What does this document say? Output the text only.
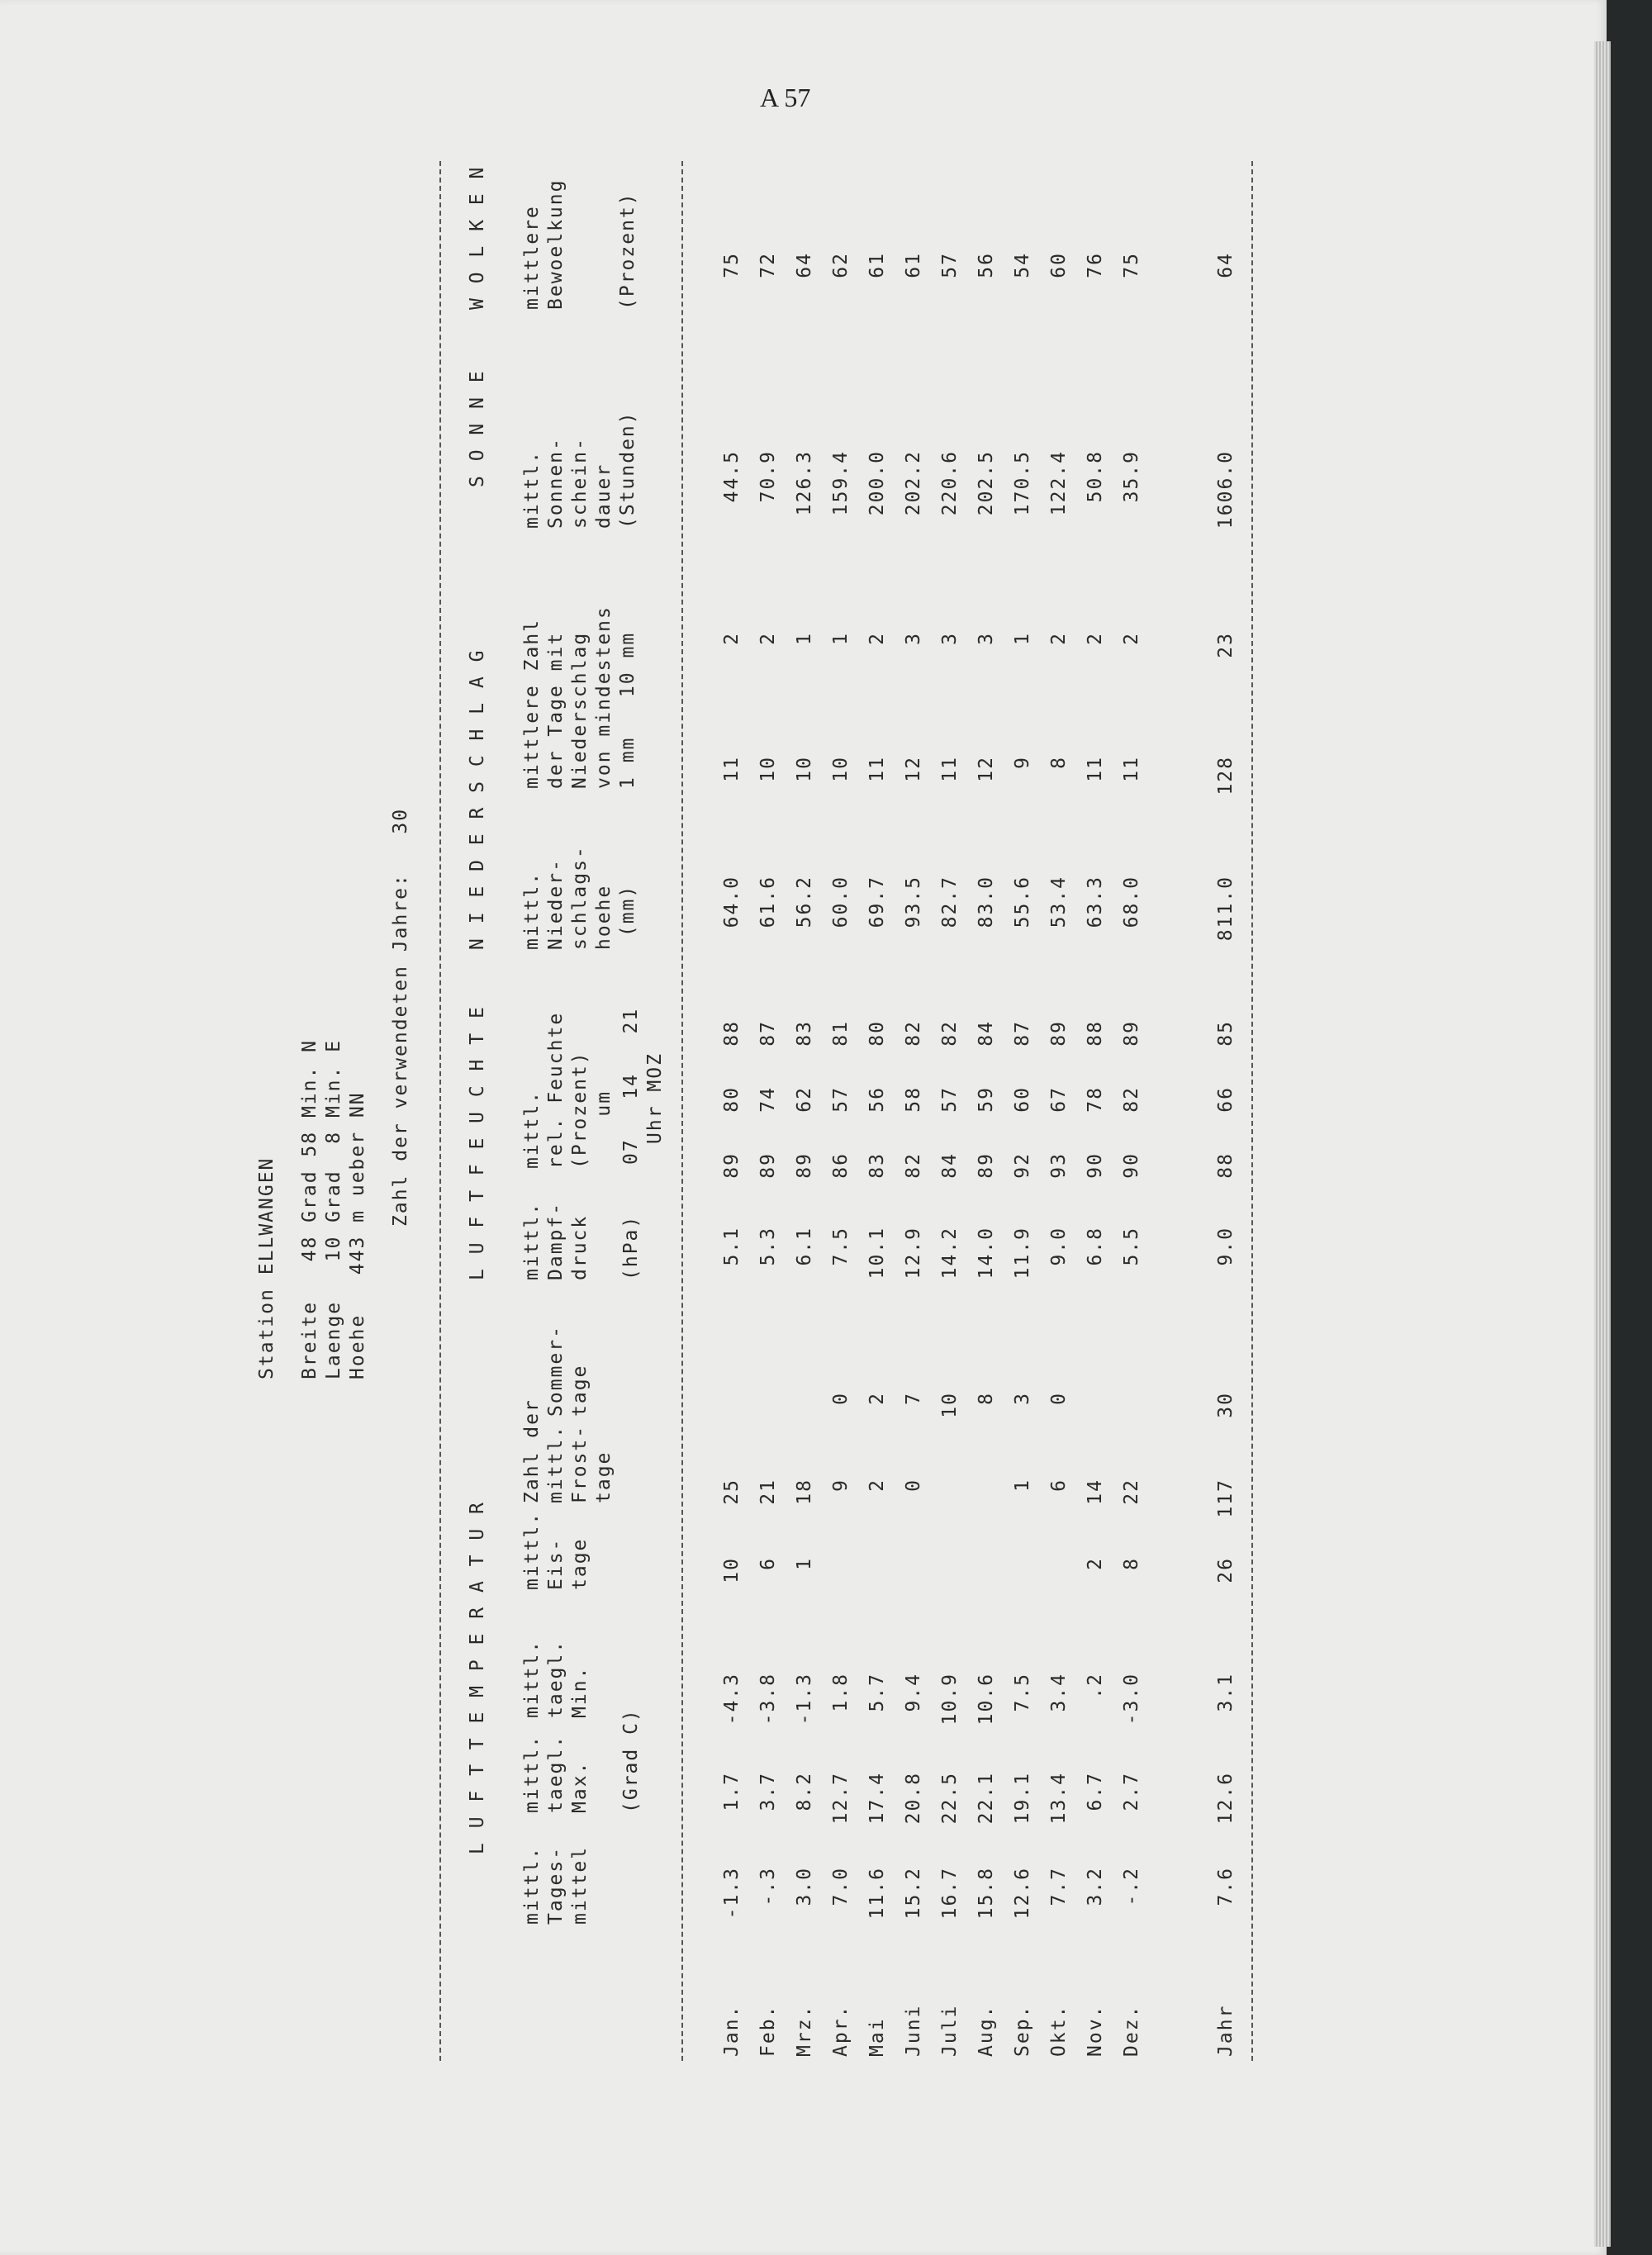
A 57
Station ELLWANGEN Breite   48 Grad 58 Min. N Laenge   10 Grad  8 Min. E Hoehe   443 m ueber NN
Zahl der verwendeten Jahre:   30
L U F T T E M P E R A T U R
L U F T F E U C H T E
N I E D E R S C H L A G
S O N N E
W O L K E N
mittl.
Tages-
mittel
mittl.
taegl.
Max.
mittl.
taegl.
Min.
(Grad C)
mittl.
Eis-
tage
Zahl der mittl.
Frost-
tage
Sommer-
tage
mittl.
Dampf-
druck (hPa)
mittl.
rel. Feuchte
(Prozent)
um 07   14   21 Uhr MOZ
mittl.
Nieder-
schlags-
hoehe
(mm)
mittlere Zahl
der Tage mit
Niederschlag
von mindestens
1 mm   10 mm
mittl.
Sonnen-
schein-
dauer
(Stunden)
mittlere
Bewoelkung

(Prozent)
Jan.
-1.3
1.7
-4.3
10
25
5.1
89
80
88
64.0
11
2
44.5
75
Feb.
-.3
3.7
-3.8
6
21
5.3
89
74
87
61.6
10
2
70.9
72
Mrz.
3.0
8.2
-1.3
1
18
6.1
89
62
83
56.2
10
1
126.3
64
Apr.
7.0
12.7
1.8
9
0
7.5
86
57
81
60.0
10
1
159.4
62
Mai
11.6
17.4
5.7
2
2
10.1
83
56
80
69.7
11
2
200.0
61
Juni
15.2
20.8
9.4
0
7
12.9
82
58
82
93.5
12
3
202.2
61
Juli
16.7
22.5
10.9
10
14.2
84
57
82
82.7
11
3
220.6
57
Aug.
15.8
22.1
10.6
8
14.0
89
59
84
83.0
12
3
202.5
56
Sep.
12.6
19.1
7.5
1
3
11.9
92
60
87
55.6
9
1
170.5
54
Okt.
7.7
13.4
3.4
6
0
9.0
93
67
89
53.4
8
2
122.4
60
Nov.
3.2
6.7
.2
2
14
6.8
90
78
88
63.3
11
2
50.8
76
Dez.
-.2
2.7
-3.0
8
22
5.5
90
82
89
68.0
11
2
35.9
75
Jahr
7.6
12.6
3.1
26
117
30
9.0
88
66
85
811.0
128
23
1606.0
64
